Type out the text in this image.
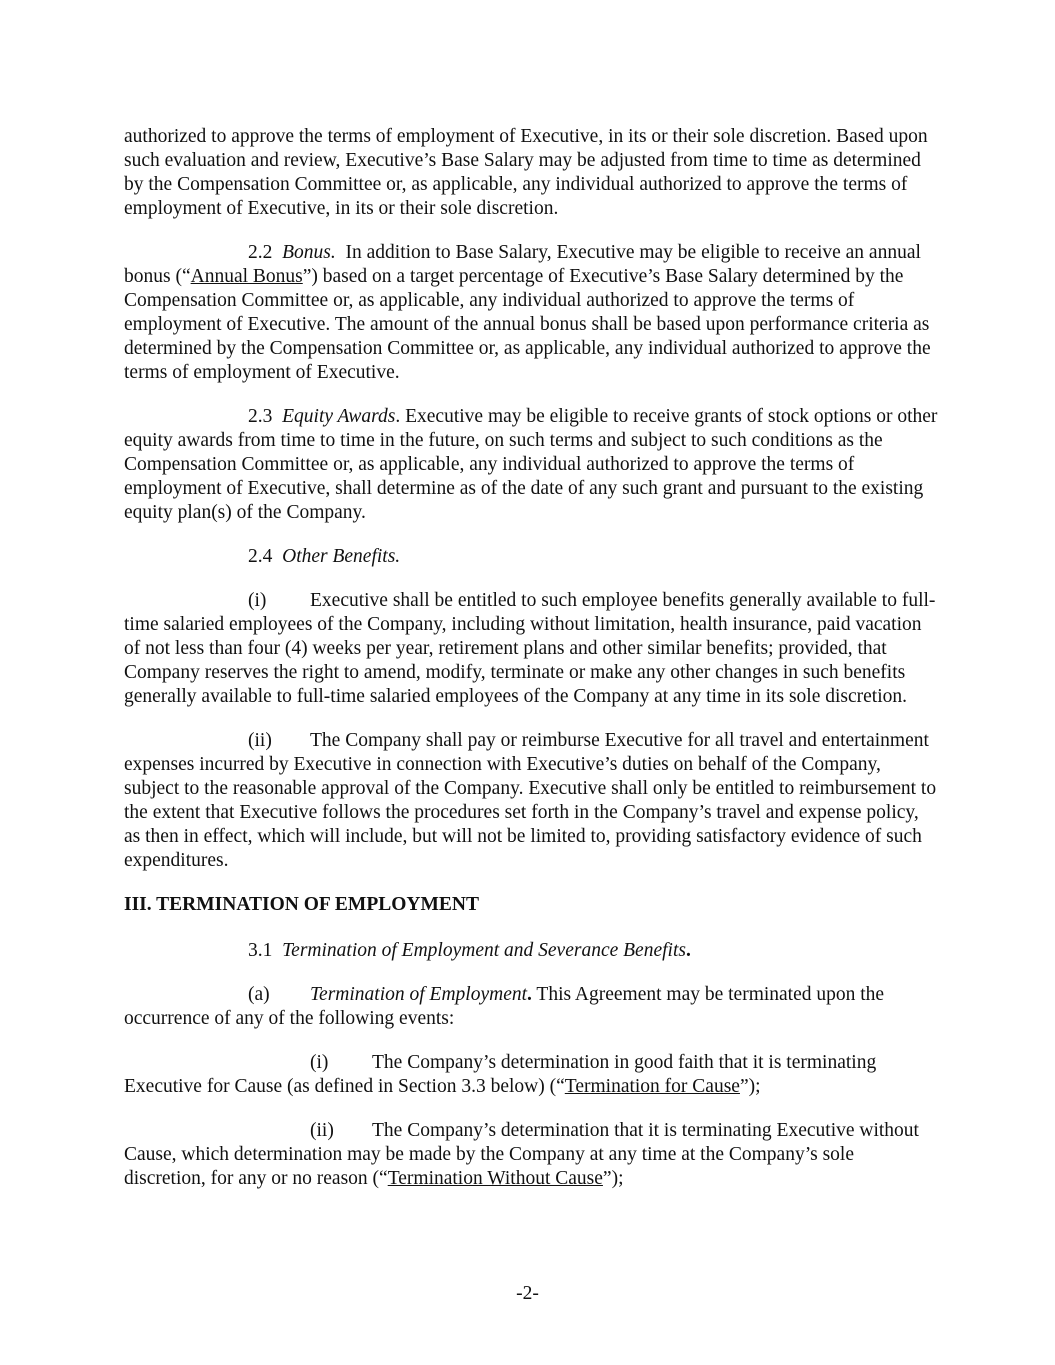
authorized to approve the terms of employment of Executive, in its or their sole discretion. Based upon such evaluation and review, Executive’s Base Salary may be adjusted from time to time as determined by the Compensation Committee or, as applicable, any individual authorized to approve the terms of employment of Executive, in its or their sole discretion.

2.2 Bonus. In addition to Base Salary, Executive may be eligible to receive an annual bonus (“Annual Bonus”) based on a target percentage of Executive’s Base Salary determined by the Compensation Committee or, as applicable, any individual authorized to approve the terms of employment of Executive. The amount of the annual bonus shall be based upon performance criteria as determined by the Compensation Committee or, as applicable, any individual authorized to approve the terms of employment of Executive.

2.3 Equity Awards. Executive may be eligible to receive grants of stock options or other equity awards from time to time in the future, on such terms and subject to such conditions as the Compensation Committee or, as applicable, any individual authorized to approve the terms of employment of Executive, shall determine as of the date of any such grant and pursuant to the existing equity plan(s) of the Company.

2.4 Other Benefits.

(i) Executive shall be entitled to such employee benefits generally available to full-time salaried employees of the Company, including without limitation, health insurance, paid vacation of not less than four (4) weeks per year, retirement plans and other similar benefits; provided, that Company reserves the right to amend, modify, terminate or make any other changes in such benefits generally available to full-time salaried employees of the Company at any time in its sole discretion.

(ii) The Company shall pay or reimburse Executive for all travel and entertainment expenses incurred by Executive in connection with Executive’s duties on behalf of the Company, subject to the reasonable approval of the Company. Executive shall only be entitled to reimbursement to the extent that Executive follows the procedures set forth in the Company’s travel and expense policy, as then in effect, which will include, but will not be limited to, providing satisfactory evidence of such expenditures.

III. TERMINATION OF EMPLOYMENT

3.1 Termination of Employment and Severance Benefits.

(a) Termination of Employment. This Agreement may be terminated upon the occurrence of any of the following events:

(i) The Company’s determination in good faith that it is terminating Executive for Cause (as defined in Section 3.3 below) (“Termination for Cause”);

(ii) The Company’s determination that it is terminating Executive without Cause, which determination may be made by the Company at any time at the Company’s sole discretion, for any or no reason (“Termination Without Cause”);

-2-
